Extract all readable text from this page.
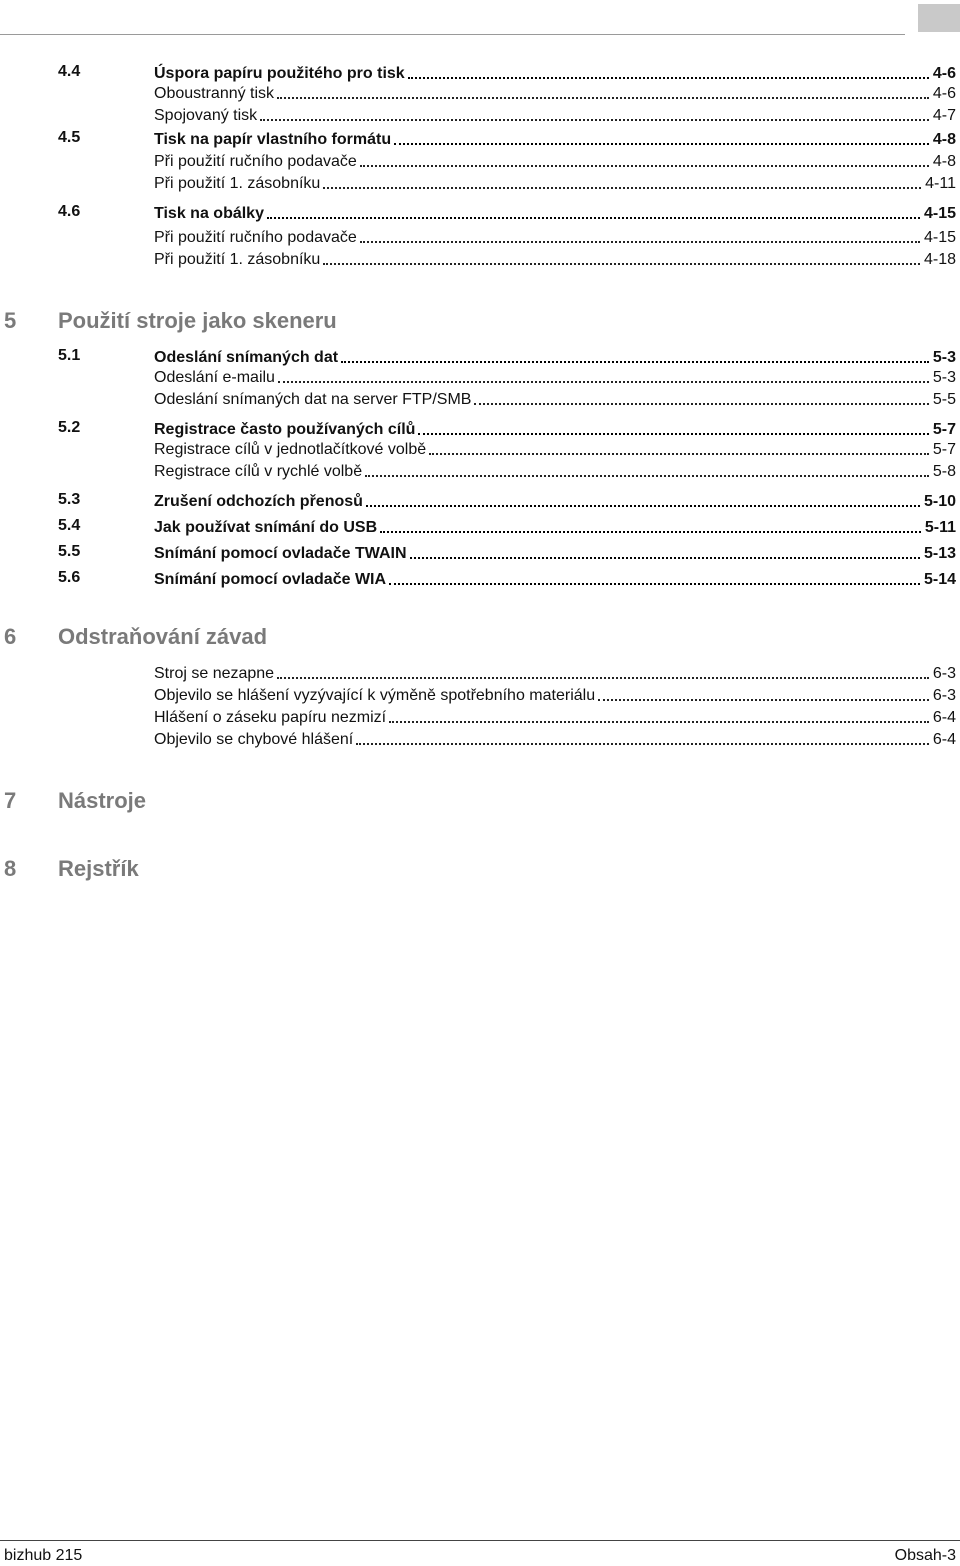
4.4	Úspora papíru použitého pro tisk	4-6
Oboustranný tisk	4-6
Spojovaný tisk	4-7
4.5	Tisk na papír vlastního formátu	4-8
Při použití ručního podavače	4-8
Při použití 1. zásobníku	4-11
4.6	Tisk na obálky	4-15
Při použití ručního podavače	4-15
Při použití 1. zásobníku	4-18
5 Použití stroje jako skeneru
5.1	Odeslání snímaných dat	5-3
Odeslání e-mailu	5-3
Odeslání snímaných dat na server FTP/SMB	5-5
5.2	Registrace často používaných cílů	5-7
Registrace cílů v jednotlačítkové volbě	5-7
Registrace cílů v rychlé volbě	5-8
5.3	Zrušení odchozích přenosů	5-10
5.4	Jak používat snímání do USB	5-11
5.5	Snímání pomocí ovladače TWAIN	5-13
5.6	Snímání pomocí ovladače WIA	5-14
6 Odstraňování závad
Stroj se nezapne	6-3
Objevilo se hlášení vyzývající k výměně spotřebního materiálu	6-3
Hlášení o záseku papíru nezmizí	6-4
Objevilo se chybové hlášení	6-4
7 Nástroje
8 Rejstřík
bizhub 215	Obsah-3
